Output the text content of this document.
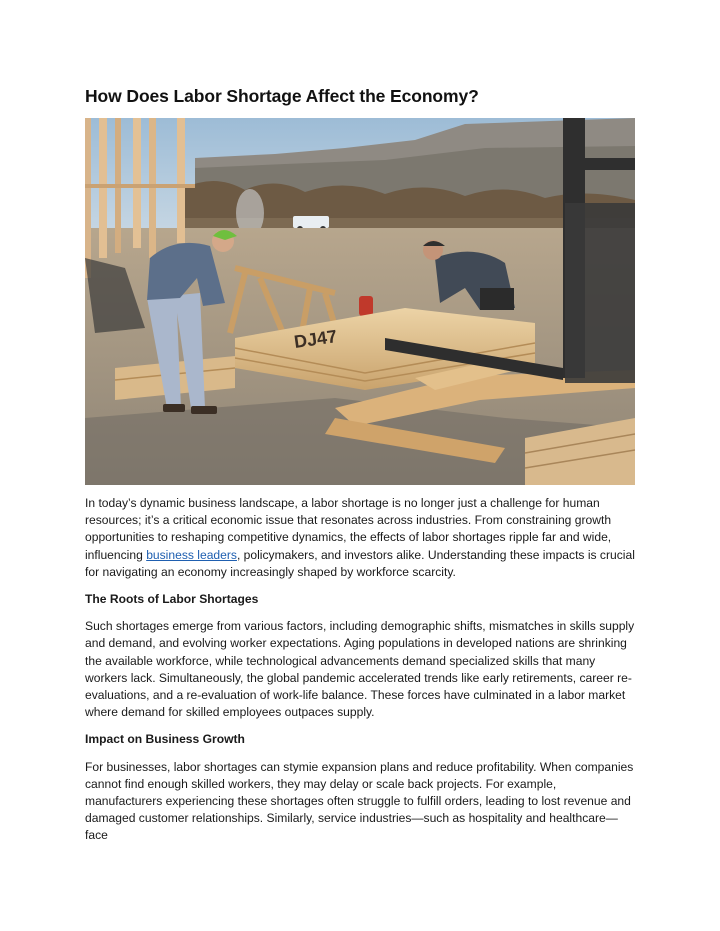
How Does Labor Shortage Affect the Economy?
DJ47

In today’s dynamic business landscape, a labor shortage is no longer just a challenge for human resources; it’s a critical economic issue that resonates across industries. From constraining growth opportunities to reshaping competitive dynamics, the effects of labor shortages ripple far and wide, influencing business leaders, policymakers, and investors alike. Understanding these impacts is crucial for navigating an economy increasingly shaped by workforce scarcity.

The Roots of Labor Shortages

Such shortages emerge from various factors, including demographic shifts, mismatches in skills supply and demand, and evolving worker expectations. Aging populations in developed nations are shrinking the available workforce, while technological advancements demand specialized skills that many workers lack. Simultaneously, the global pandemic accelerated trends like early retirements, career re-evaluations, and a re-evaluation of work-life balance. These forces have culminated in a labor market where demand for skilled employees outpaces supply.

Impact on Business Growth

For businesses, labor shortages can stymie expansion plans and reduce profitability. When companies cannot find enough skilled workers, they may delay or scale back projects. For example, manufacturers experiencing these shortages often struggle to fulfill orders, leading to lost revenue and damaged customer relationships. Similarly, service industries—such as hospitality and healthcare—face
